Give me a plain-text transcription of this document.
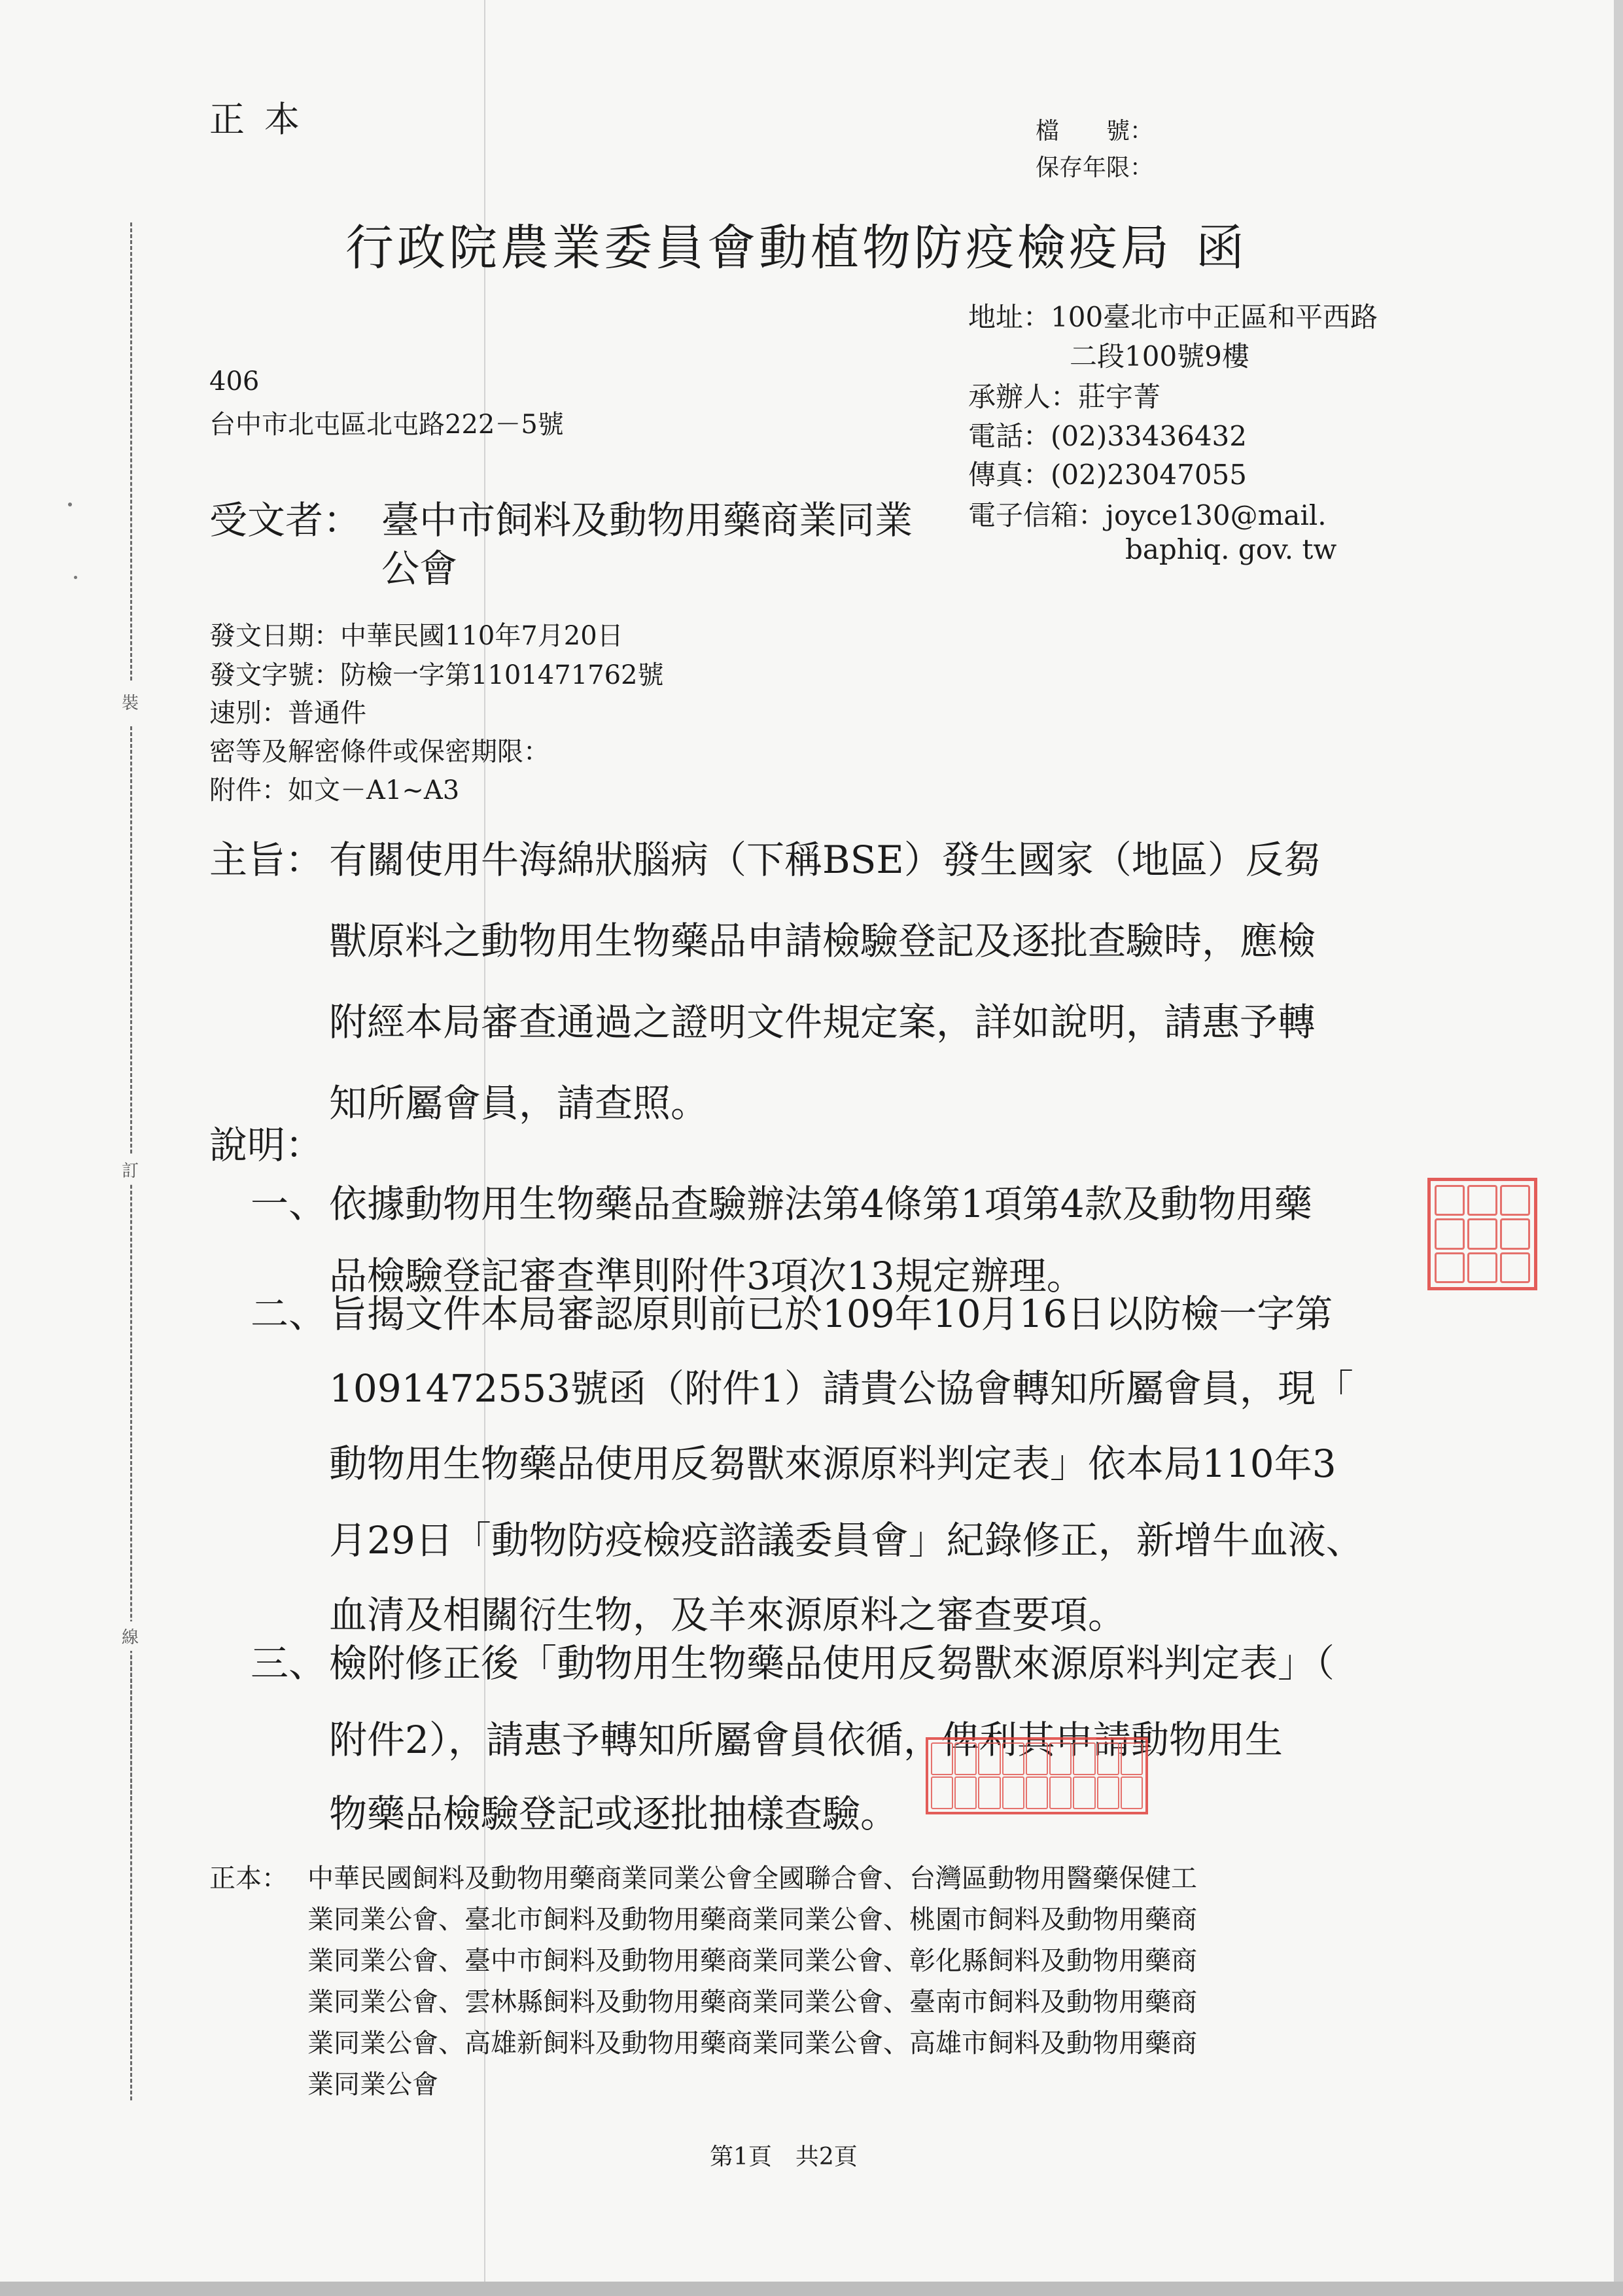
裝
訂
線
正本	檔　　號：
保存年限：
行政院農業委員會動植物防疫檢疫局 函
地址：100臺北市中正區和平西路
二段100號9樓
承辦人：莊宇菁
電話：(02)33436432
傳真：(02)23047055
電子信箱：joyce130@mail.
baphiq. gov. tw
406
台中市北屯區北屯路222－5號
受文者： 臺中市飼料及動物用藥商業同業
公會
發文日期：中華民國110年7月20日
發文字號：防檢一字第1101471762號
速別：普通件
密等及解密條件或保密期限：
附件：如文－A1~A3
主旨： 有關使用牛海綿狀腦病（下稱BSE）發生國家（地區）反芻
獸原料之動物用生物藥品申請檢驗登記及逐批查驗時，應檢
附經本局審查通過之證明文件規定案，詳如說明，請惠予轉
知所屬會員，請查照。
說明：
一、 依據動物用生物藥品查驗辦法第4條第1項第4款及動物用藥
品檢驗登記審查準則附件3項次13規定辦理。
二、 旨揭文件本局審認原則前已於109年10月16日以防檢一字第
1091472553號函（附件1）請貴公協會轉知所屬會員，現「
動物用生物藥品使用反芻獸來源原料判定表」依本局110年3
月29日「動物防疫檢疫諮議委員會」紀錄修正，新增牛血液、
血清及相關衍生物，及羊來源原料之審查要項。
三、 檢附修正後「動物用生物藥品使用反芻獸來源原料判定表」（
附件2），請惠予轉知所屬會員依循，俾利其申請動物用生
物藥品檢驗登記或逐批抽樣查驗。
正本： 中華民國飼料及動物用藥商業同業公會全國聯合會、台灣區動物用醫藥保健工
業同業公會、臺北市飼料及動物用藥商業同業公會、桃園市飼料及動物用藥商
業同業公會、臺中市飼料及動物用藥商業同業公會、彰化縣飼料及動物用藥商
業同業公會、雲林縣飼料及動物用藥商業同業公會、臺南市飼料及動物用藥商
業同業公會、高雄新飼料及動物用藥商業同業公會、高雄市飼料及動物用藥商
業同業公會
第1頁　共2頁
